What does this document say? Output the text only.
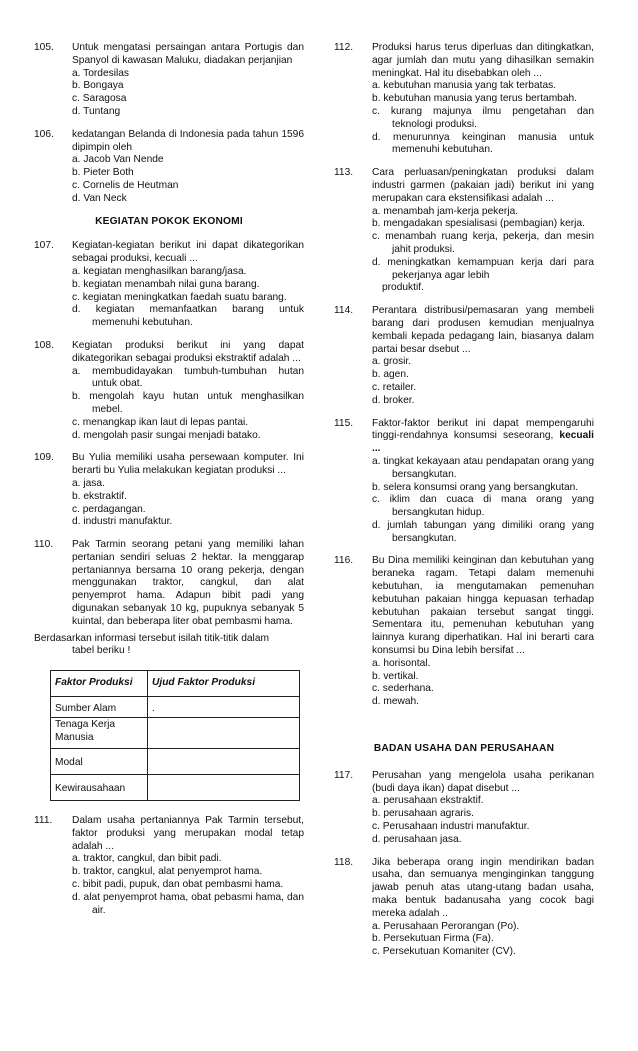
105.	Untuk mengatasi persaingan antara Portugis dan Spanyol di kawasan Maluku, diadakan perjanjian
a. Tordesilas
b. Bongaya
c. Saragosa
d. Tuntang
106.	kedatangan Belanda di Indonesia pada tahun 1596 dipimpin oleh
a. Jacob Van Nende
b. Pieter Both
c. Cornelis de Heutman
d. Van Neck
KEGIATAN POKOK EKONOMI
107.	Kegiatan-kegiatan berikut ini dapat dikategorikan sebagai produksi, kecuali ...
a. kegiatan menghasilkan barang/jasa.
b. kegiatan menambah nilai guna barang.
c. kegiatan meningkatkan faedah suatu barang.
d. kegiatan memanfaatkan barang untuk memenuhi kebutuhan.
108.	Kegiatan produksi berikut ini yang dapat dikategorikan sebagai produksi ekstraktif adalah ...
a. membudidayakan tumbuh-tumbuhan hutan untuk obat.
b. mengolah kayu hutan untuk menghasilkan mebel.
c. menangkap ikan laut di lepas pantai.
d. mengolah pasir sungai menjadi batako.
109.	Bu Yulia memiliki usaha persewaan komputer. Ini berarti bu Yulia melakukan kegiatan produksi ...
a. jasa.
b. ekstraktif.
c. perdagangan.
d. industri manufaktur.
110.	Pak Tarmin seorang petani yang memiliki lahan pertanian sendiri seluas 2 hektar. Ia menggarap pertaniannya bersama 10 orang pekerja, dengan menggunakan traktor, cangkul, dan alat penyemprot hama. Adapun bibit padi yang digunakan sebanyak 10 kg, pupuknya sebanyak 5 kuintal, dan beberapa liter obat pembasmi hama.
Berdasarkan informasi tersebut isilah titik-titik dalam
tabel beriku !
Faktor Produksi	Ujud Faktor Produksi
Sumber Alam	.
Tenaga Kerja Manusia	
Modal	
Kewirausahaan	
111.	Dalam usaha pertaniannya Pak Tarmin tersebut, faktor produksi yang merupakan modal tetap adalah ...
a. traktor, cangkul, dan bibit padi.
b. traktor, cangkul, alat penyemprot hama.
c. bibit padi, pupuk, dan obat pembasmi hama.
d. alat penyemprot hama, obat pebasmi hama, dan air.
112.	Produksi harus terus diperluas dan ditingkatkan, agar jumlah dan mutu yang dihasilkan semakin meningkat. Hal itu disebabkan oleh ...
a. kebutuhan manusia yang tak terbatas.
b. kebutuhan manusia yang terus bertambah.
c. kurang majunya ilmu pengetahan dan teknologi produksi.
d. menurunnya keinginan manusia untuk memenuhi kebutuhan.
113.	Cara perluasan/peningkatan produksi dalam industri garmen (pakaian jadi) berikut ini yang merupakan cara ekstensifikasi adalah ...
a. menambah jam-kerja pekerja.
b. mengadakan spesialisasi (pembagian) kerja.
c. menambah ruang kerja, pekerja, dan mesin jahit produksi.
d. meningkatkan kemampuan kerja dari para pekerjanya agar lebih
produktif.
114.	Perantara distribusi/pemasaran yang membeli barang dari produsen kemudian menjualnya kembali kepada pedagang lain, biasanya dalam partai besar dsebut ...
a. grosir.
b. agen.
c. retailer.
d. broker.
115.	Faktor-faktor berikut ini dapat mempengaruhi tinggi-rendahnya konsumsi seseorang, kecuali ...
a. tingkat kekayaan atau pendapatan orang yang bersangkutan.
b. selera konsumsi orang yang bersangkutan.
c. iklim dan cuaca di mana orang yang bersangkutan hidup.
d. jumlah tabungan yang dimiliki orang yang bersangkutan.
116.	Bu Dina memiliki keinginan dan kebutuhan yang beraneka ragam. Tetapi dalam memenuhi kebutuhan, ia mengutamakan pemenuhan kebutuhan pakaian hingga kepuasan terhadap kebutuhan pakaian tersebut sangat tinggi. Sementara itu, pemenuhan kebutuhan yang lainnya kurang diperhatikan. Hal ini berarti cara konsumsi bu Dina lebih bersifat ...
a. horisontal.
b. vertikal.
c. sederhana.
d. mewah.
BADAN USAHA DAN PERUSAHAAN
117.	Perusahan yang mengelola usaha perikanan (budi daya ikan) dapat disebut ...
a. perusahaan ekstraktif.
b. perusahaan agraris.
c. Perusahaan industri manufaktur.
d. perusahaan jasa.
118.	Jika beberapa orang ingin mendirikan badan usaha, dan semuanya menginginkan tanggung jawab penuh atas utang-utang badan usaha, maka bentuk badanusaha yang cocok bagi mereka adalah ..
a. Perusahaan Perorangan (Po).
b. Persekutuan Firma (Fa).
c. Persekutuan Komaniter (CV).
